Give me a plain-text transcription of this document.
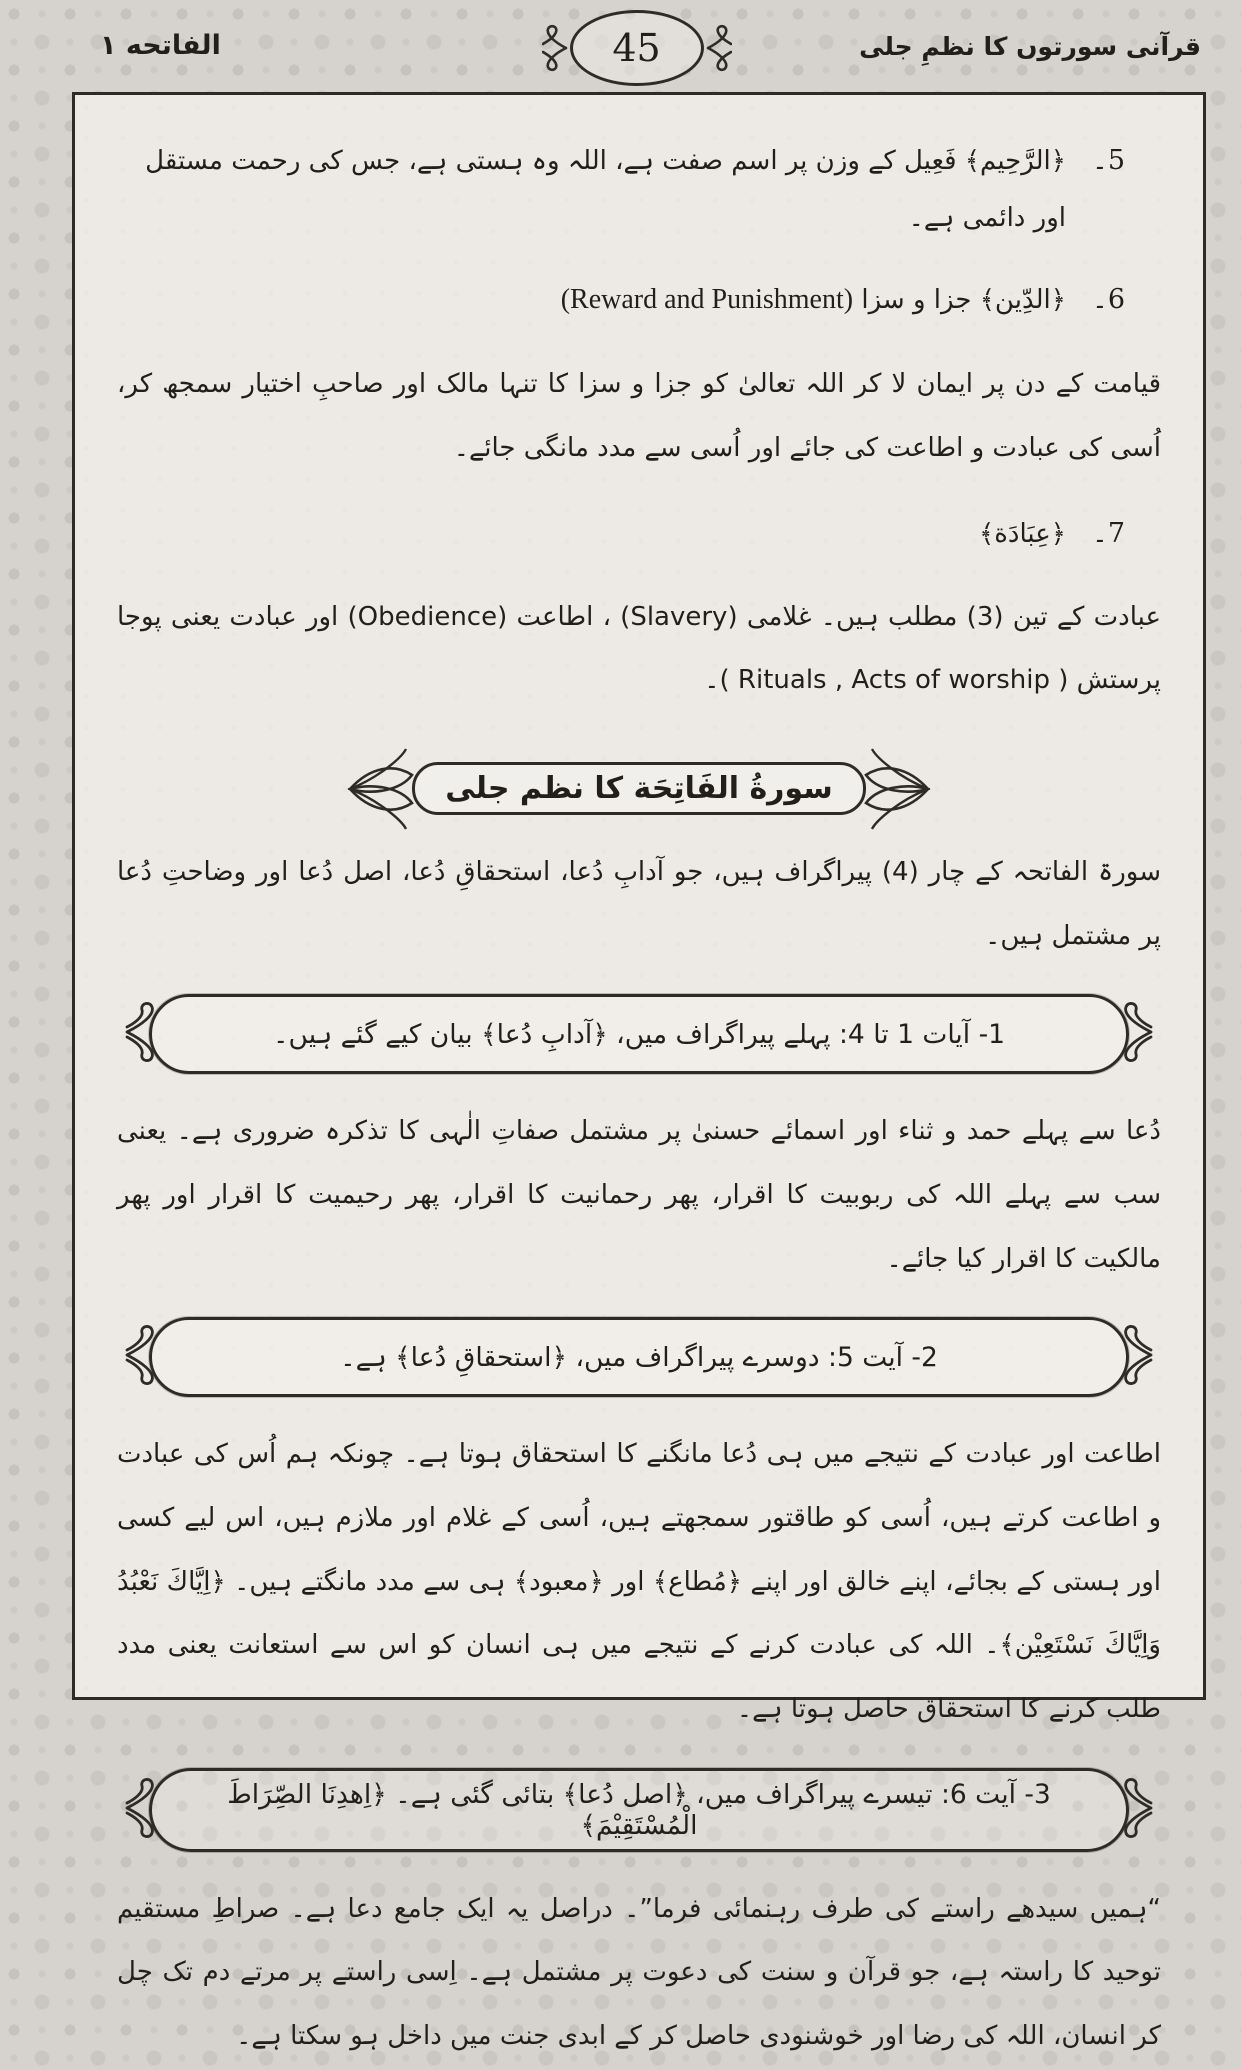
قرآنی سورتوں کا نظمِ جلی
45
الفاتحه ۱
5۔
﴿الرَّحِیم﴾ فَعِیل کے وزن پر اسم صفت ہے، اللہ وہ ہستی ہے، جس کی رحمت مستقل اور دائمی ہے۔
6۔
﴿الدِّین﴾ جزا و سزا (Reward and Punishment)

قیامت کے دن پر ایمان لا کر اللہ تعالیٰ کو جزا و سزا کا تنہا مالک اور صاحبِ اختیار سمجھ کر، اُسی کی عبادت و اطاعت کی جائے اور اُسی سے مدد مانگی جائے۔

7۔
﴿عِبَادَة﴾

عبادت کے تین (3) مطلب ہیں۔ غلامی (Slavery) ، اطاعت (Obedience) اور عبادت یعنی پوجا پرستش ( Rituals , Acts of worship )۔

سورةُ الفَاتِحَة کا نظم جلی

سورۃ الفاتحہ کے چار (4) پیراگراف ہیں، جو آدابِ دُعا، استحقاقِ دُعا، اصل دُعا اور وضاحتِ دُعا پر مشتمل ہیں۔

1- آیات 1 تا 4: پہلے پیراگراف میں، ﴿آدابِ دُعا﴾ بیان کیے گئے ہیں۔

دُعا سے پہلے حمد و ثناء اور اسمائے حسنیٰ پر مشتمل صفاتِ الٰہی کا تذکرہ ضروری ہے۔ یعنی سب سے پہلے اللہ کی ربوبیت کا اقرار، پھر رحمانیت کا اقرار، پھر رحیمیت کا اقرار اور پھر مالکیت کا اقرار کیا جائے۔

2- آیت 5: دوسرے پیراگراف میں، ﴿استحقاقِ دُعا﴾ ہے۔

اطاعت اور عبادت کے نتیجے میں ہی دُعا مانگنے کا استحقاق ہوتا ہے۔ چونکہ ہم اُس کی عبادت و اطاعت کرتے ہیں، اُسی کو طاقتور سمجھتے ہیں، اُسی کے غلام اور ملازم ہیں، اس لیے کسی اور ہستی کے بجائے، اپنے خالق اور اپنے ﴿مُطاع﴾ اور ﴿معبود﴾ ہی سے مدد مانگتے ہیں۔ ﴿اِیَّاكَ نَعْبُدُ وَاِیَّاكَ نَسْتَعِیْن﴾۔ اللہ کی عبادت کرنے کے نتیجے میں ہی انسان کو اس سے استعانت یعنی مدد طلب کرنے کا استحقاق حاصل ہوتا ہے۔

3- آیت 6: تیسرے پیراگراف میں، ﴿اصل دُعا﴾ بتائی گئی ہے۔ ﴿اِهدِنَا الصِّرَاطَ الْمُسْتَقِیْمَ﴾

“ہمیں سیدھے راستے کی طرف رہنمائی فرما”۔ دراصل یہ ایک جامع دعا ہے۔ صراطِ مستقیم توحید کا راستہ ہے، جو قرآن و سنت کی دعوت پر مشتمل ہے۔ اِسی راستے پر مرتے دم تک چل کر انسان، اللہ کی رضا اور خوشنودی حاصل کر کے ابدی جنت میں داخل ہو سکتا ہے۔
